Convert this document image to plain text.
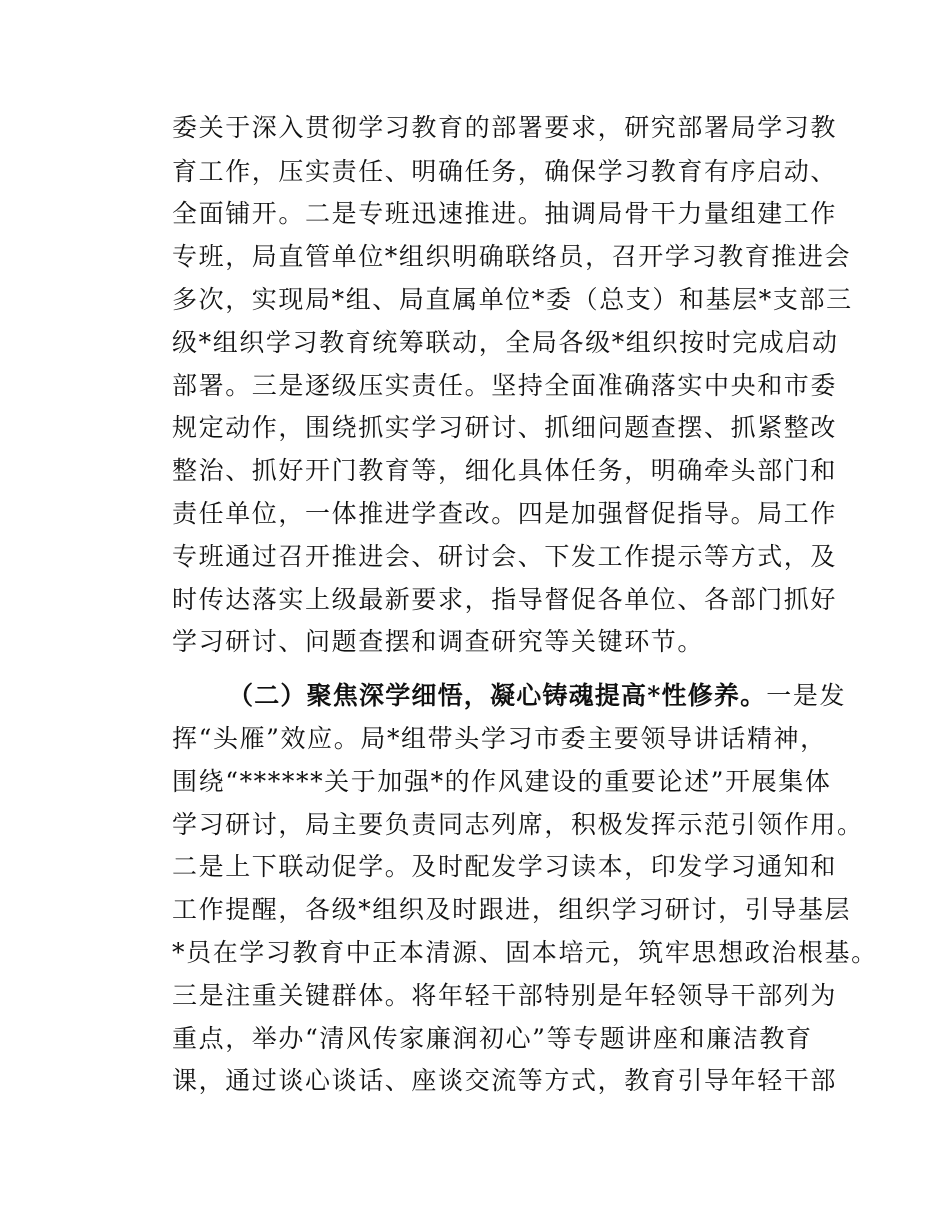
委关于深入贯彻学习教育的部署要求，研究部署局学习教
育工作，压实责任、明确任务，确保学习教育有序启动、
全面铺开。二是专班迅速推进。抽调局骨干力量组建工作
专班，局直管单位*组织明确联络员，召开学习教育推进会
多次，实现局*组、局直属单位*委（总支）和基层*支部三
级*组织学习教育统筹联动，全局各级*组织按时完成启动
部署。三是逐级压实责任。坚持全面准确落实中央和市委
规定动作，围绕抓实学习研讨、抓细问题查摆、抓紧整改
整治、抓好开门教育等，细化具体任务，明确牵头部门和
责任单位，一体推进学查改。四是加强督促指导。局工作
专班通过召开推进会、研讨会、下发工作提示等方式，及
时传达落实上级最新要求，指导督促各单位、各部门抓好
学习研讨、问题查摆和调查研究等关键环节。
（二）聚焦深学细悟，凝心铸魂提高*性修养。一是发
挥“头雁”效应。局*组带头学习市委主要领导讲话精神，
围绕“******关于加强*的作风建设的重要论述”开展集体
学习研讨，局主要负责同志列席，积极发挥示范引领作用。
二是上下联动促学。及时配发学习读本，印发学习通知和
工作提醒，各级*组织及时跟进，组织学习研讨，引导基层
*员在学习教育中正本清源、固本培元，筑牢思想政治根基。
三是注重关键群体。将年轻干部特别是年轻领导干部列为
重点，举办“清风传家廉润初心”等专题讲座和廉洁教育
课，通过谈心谈话、座谈交流等方式，教育引导年轻干部
